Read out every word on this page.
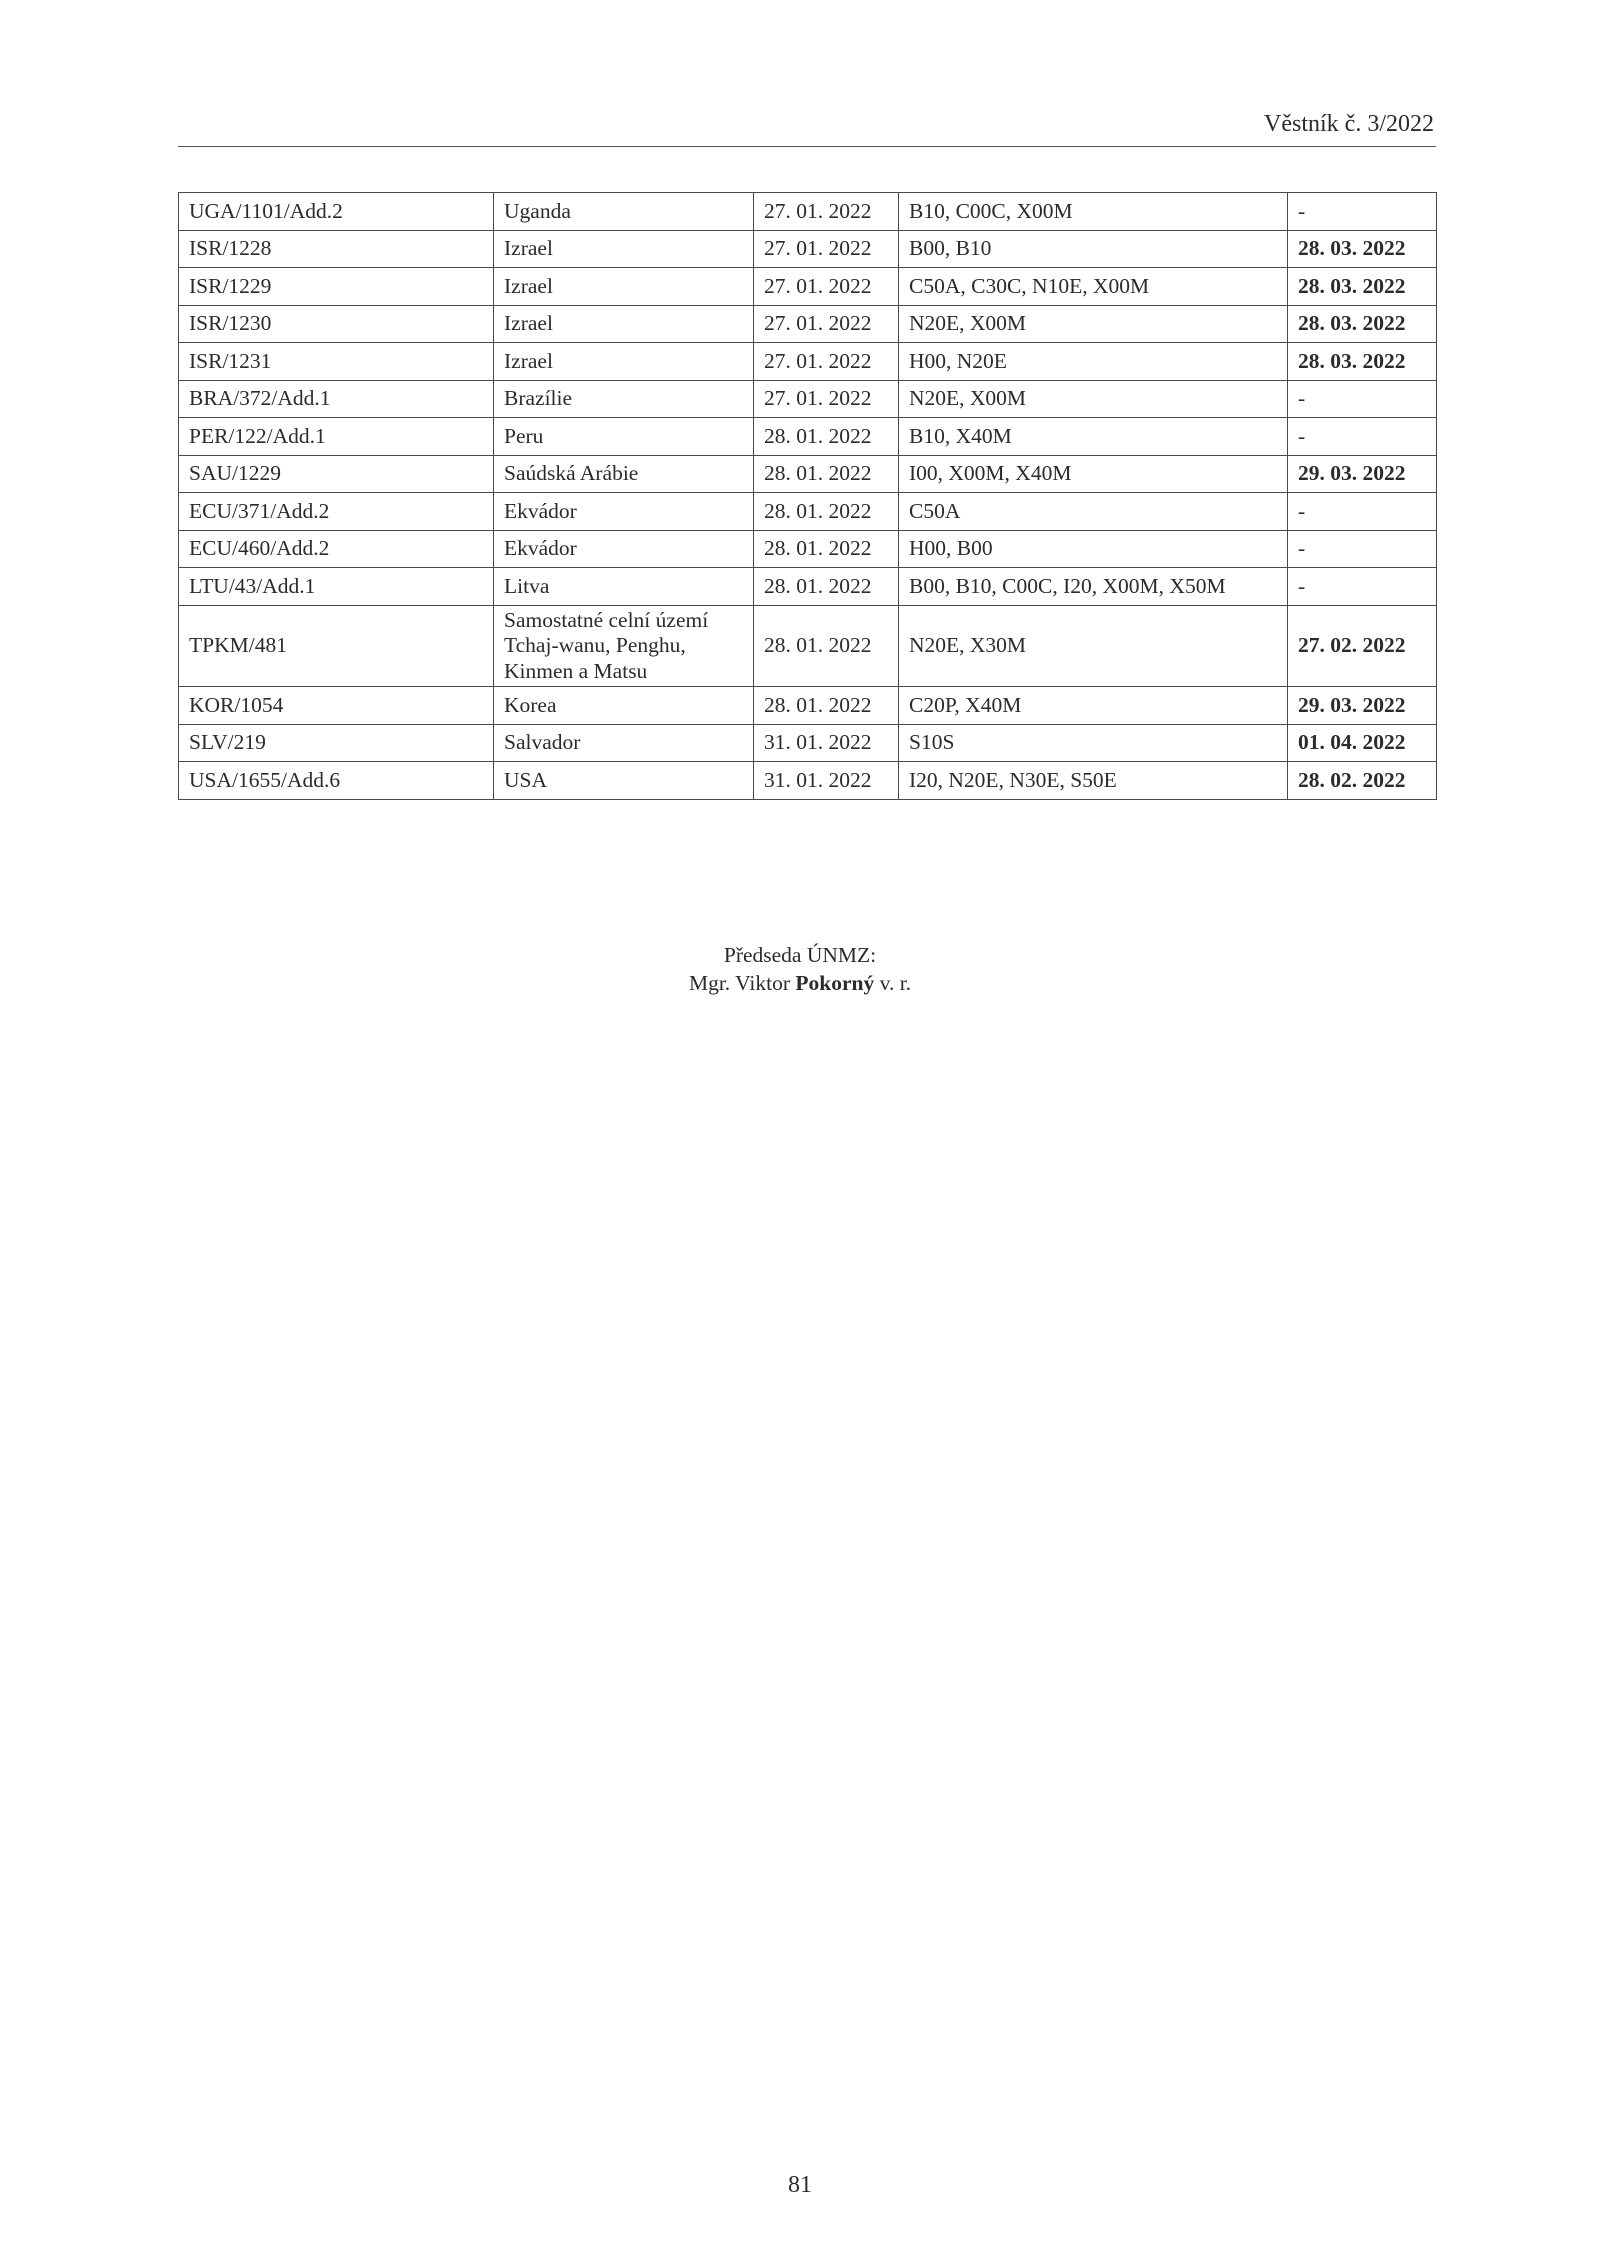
Věstník č. 3/2022
UGA/1101/Add.2	Uganda	27. 01. 2022	B10, C00C, X00M	-
ISR/1228	Izrael	27. 01. 2022	B00, B10	28. 03. 2022
ISR/1229	Izrael	27. 01. 2022	C50A, C30C, N10E, X00M	28. 03. 2022
ISR/1230	Izrael	27. 01. 2022	N20E, X00M	28. 03. 2022
ISR/1231	Izrael	27. 01. 2022	H00, N20E	28. 03. 2022
BRA/372/Add.1	Brazílie	27. 01. 2022	N20E, X00M	-
PER/122/Add.1	Peru	28. 01. 2022	B10, X40M	-
SAU/1229	Saúdská Arábie	28. 01. 2022	I00, X00M, X40M	29. 03. 2022
ECU/371/Add.2	Ekvádor	28. 01. 2022	C50A	-
ECU/460/Add.2	Ekvádor	28. 01. 2022	H00, B00	-
LTU/43/Add.1	Litva	28. 01. 2022	B00, B10, C00C, I20, X00M, X50M	-
TPKM/481	Samostatné celní území Tchaj-wanu, Penghu, Kinmen a Matsu	28. 01. 2022	N20E, X30M	27. 02. 2022
KOR/1054	Korea	28. 01. 2022	C20P, X40M	29. 03. 2022
SLV/219	Salvador	31. 01. 2022	S10S	01. 04. 2022
USA/1655/Add.6	USA	31. 01. 2022	I20, N20E, N30E, S50E	28. 02. 2022
Předseda ÚNMZ:
Mgr. Viktor Pokorný v. r.
81
